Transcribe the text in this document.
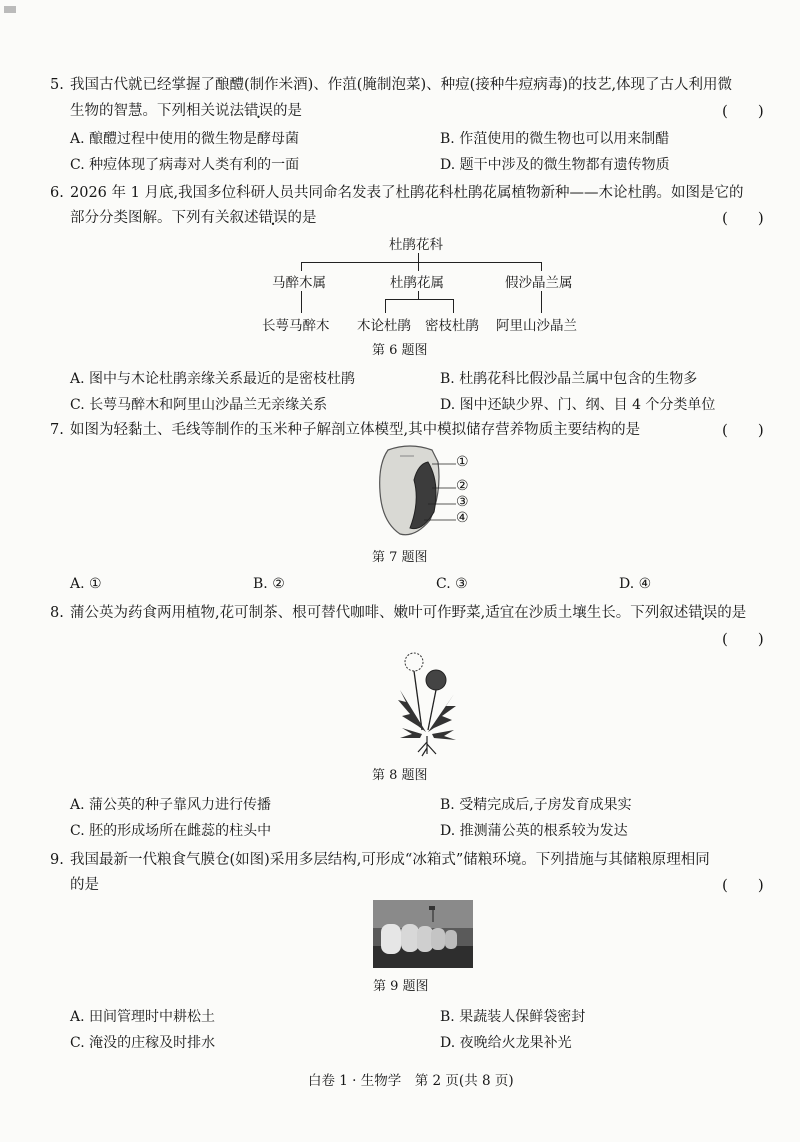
5. 我国古代就已经掌握了酿醴(制作米酒)、作菹(腌制泡菜)、种痘(接种牛痘病毒)的技艺,体现了古人利用微
生物的智慧。下列相关说法错误的是	(　　)
A. 酿醴过程中使用的微生物是酵母菌	B. 作菹使用的微生物也可以用来制醋
C. 种痘体现了病毒对人类有利的一面	D. 题干中涉及的微生物都有遗传物质
6. 2026 年 1 月底,我国多位科研人员共同命名发表了杜鹃花科杜鹃花属植物新种——木论杜鹃。如图是它的
部分分类图解。下列有关叙述错误的是	(　　)
杜鹃花科
马醉木属	杜鹃花属	假沙晶兰属
长萼马醉木 木论杜鹃 密枝杜鹃 阿里山沙晶兰
第 6 题图
A. 图中与木论杜鹃亲缘关系最近的是密枝杜鹃	B. 杜鹃花科比假沙晶兰属中包含的生物多
C. 长萼马醉木和阿里山沙晶兰无亲缘关系	D. 图中还缺少界、门、纲、目 4 个分类单位
7. 如图为轻黏土、毛线等制作的玉米种子解剖立体模型,其中模拟储存营养物质主要结构的是	(　　)
①
②
③
④
第 7 题图
A. ①	B. ②	C. ③	D. ④
8. 蒲公英为药食两用植物,花可制茶、根可替代咖啡、嫩叶可作野菜,适宜在沙质土壤生长。下列叙述错误的是
(　　)
第 8 题图
A. 蒲公英的种子靠风力进行传播	B. 受精完成后,子房发育成果实
C. 胚的形成场所在雌蕊的柱头中	D. 推测蒲公英的根系较为发达
9. 我国最新一代粮食气膜仓(如图)采用多层结构,可形成“冰箱式”储粮环境。下列措施与其储粮原理相同
的是	(　　)
第 9 题图
A. 田间管理时中耕松土	B. 果蔬装人保鲜袋密封
C. 淹没的庄稼及时排水	D. 夜晚给火龙果补光
白卷 1 · 生物学　第 2 页(共 8 页)
